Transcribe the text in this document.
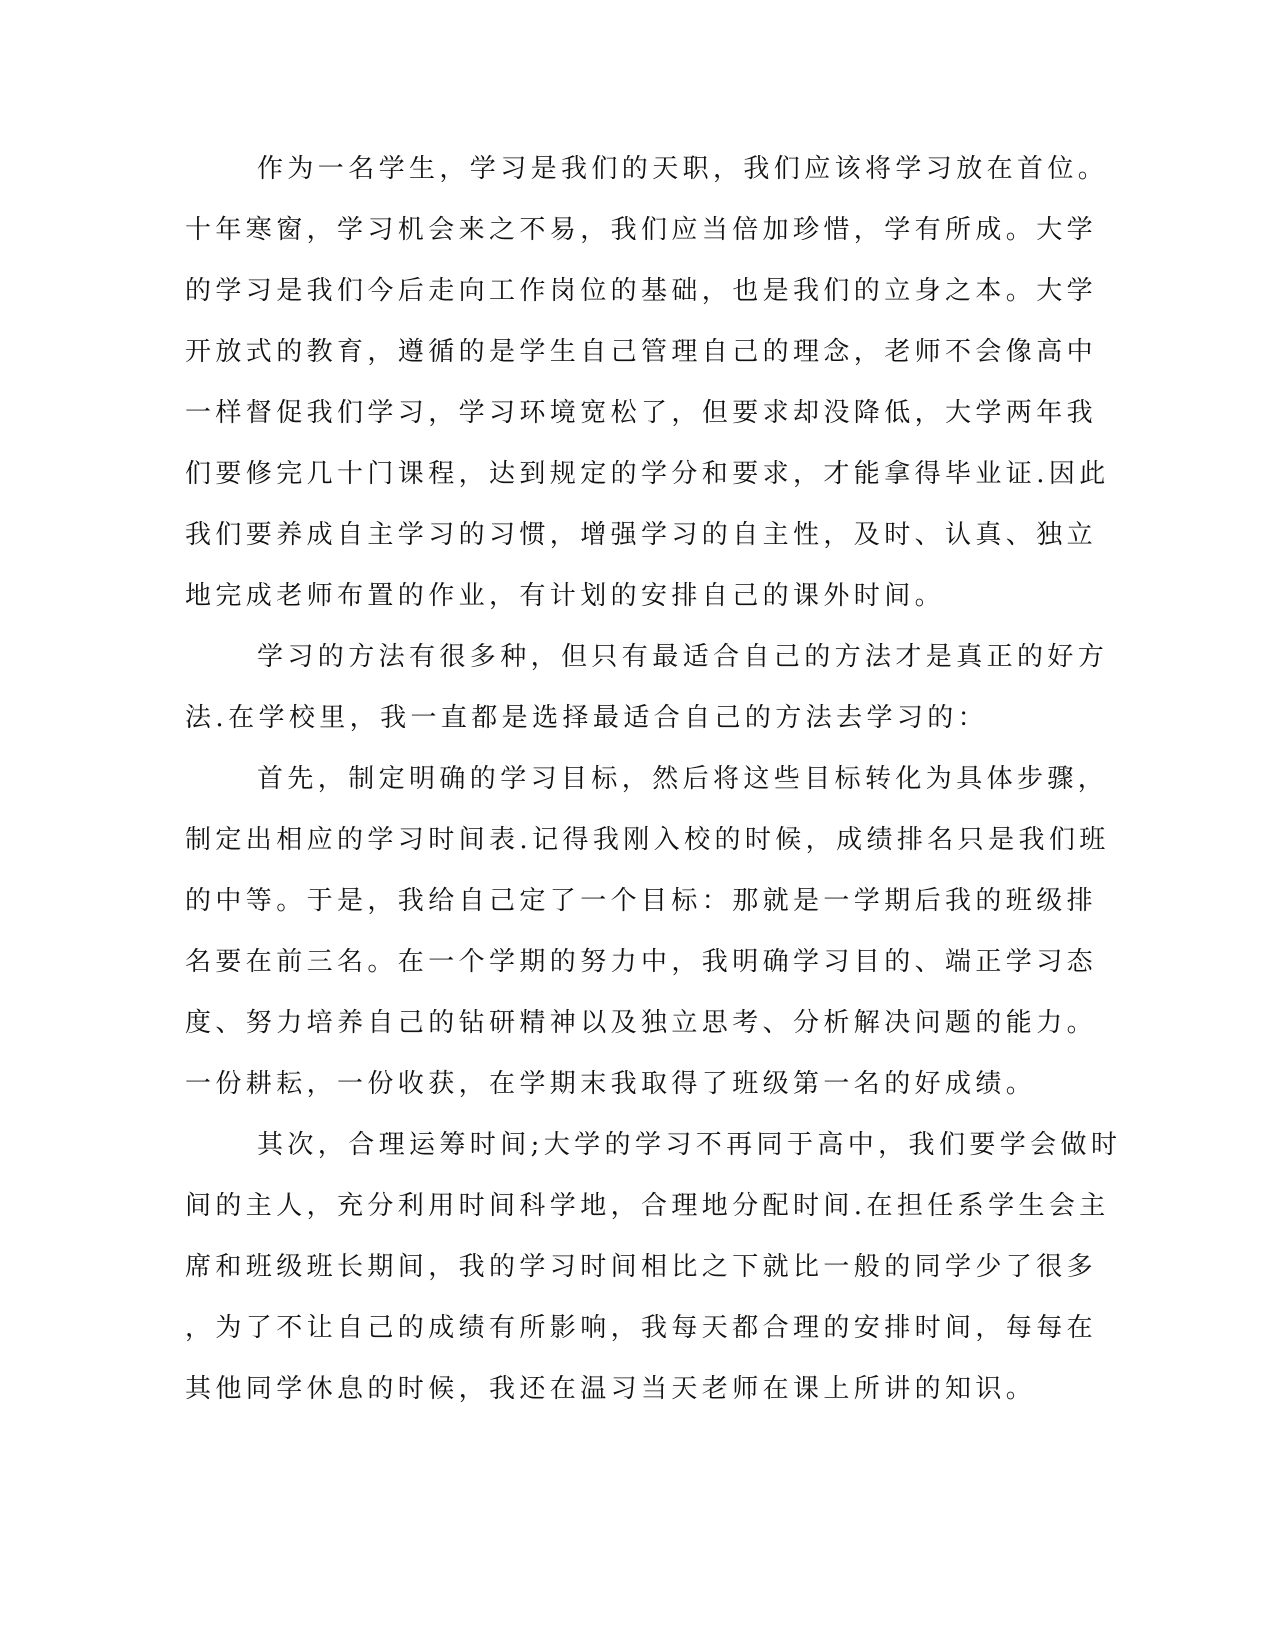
作为一名学生，学习是我们的天职，我们应该将学习放在首位。
十年寒窗，学习机会来之不易，我们应当倍加珍惜，学有所成。大学
的学习是我们今后走向工作岗位的基础，也是我们的立身之本。大学
开放式的教育，遵循的是学生自己管理自己的理念，老师不会像高中
一样督促我们学习，学习环境宽松了，但要求却没降低，大学两年我
们要修完几十门课程，达到规定的学分和要求，才能拿得毕业证.因此
我们要养成自主学习的习惯，增强学习的自主性，及时、认真、独立
地完成老师布置的作业，有计划的安排自己的课外时间。
学习的方法有很多种，但只有最适合自己的方法才是真正的好方
法.在学校里，我一直都是选择最适合自己的方法去学习的：
首先，制定明确的学习目标，然后将这些目标转化为具体步骤，
制定出相应的学习时间表.记得我刚入校的时候，成绩排名只是我们班
的中等。于是，我给自己定了一个目标：那就是一学期后我的班级排
名要在前三名。在一个学期的努力中，我明确学习目的、端正学习态
度、努力培养自己的钻研精神以及独立思考、分析解决问题的能力。
一份耕耘，一份收获，在学期末我取得了班级第一名的好成绩。
其次，合理运筹时间;大学的学习不再同于高中，我们要学会做时
间的主人，充分利用时间科学地，合理地分配时间.在担任系学生会主
席和班级班长期间，我的学习时间相比之下就比一般的同学少了很多
，为了不让自己的成绩有所影响，我每天都合理的安排时间，每每在
其他同学休息的时候，我还在温习当天老师在课上所讲的知识。
